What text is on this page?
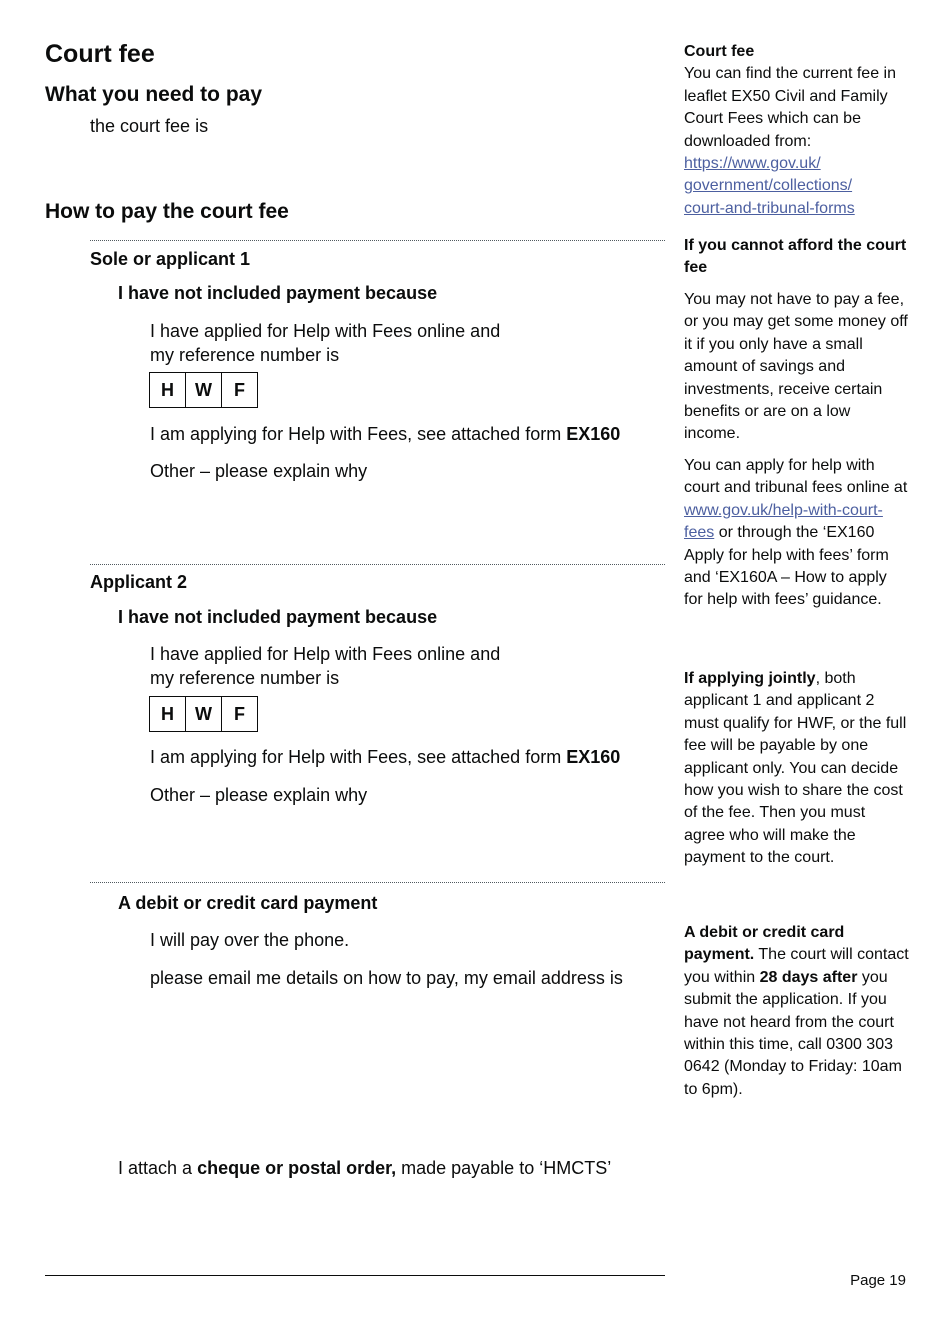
Court fee
What you need to pay
the court fee is
How to pay the court fee
Sole or applicant 1
I have not included payment because
I have applied for Help with Fees online and
my reference number is
H	W	F
I am applying for Help with Fees, see attached form EX160
Other – please explain why
Applicant 2
I have not included payment because
I have applied for Help with Fees online and
my reference number is
H	W	F
I am applying for Help with Fees, see attached form EX160
Other – please explain why
A debit or credit card payment
I will pay over the phone.
please email me details on how to pay, my email address is
I attach a cheque or postal order, made payable to ‘HMCTS’

Court fee

You can find the current fee in leaflet EX50 Civil and Family Court Fees which can be downloaded from: https://www.gov.uk/
government/collections/
court-and-tribunal-forms

If you cannot afford the court fee
You may not have to pay a fee, or you may get some money off it if you only have a small amount of savings and investments, receive certain benefits or are on a low income.
You can apply for help with court and tribunal fees online at www.gov.uk/help-with-court-fees or through the ‘EX160 Apply for help with fees’ form and ‘EX160A – How to apply for help with fees’ guidance.
If applying jointly, both applicant 1 and applicant 2 must qualify for HWF, or the full fee will be payable by one applicant only. You can decide how you wish to share the cost of the fee. Then you must agree who will make the payment to the court.
A debit or credit card payment. The court will contact you within 28 days after you submit the application. If you have not heard from the court within this time, call 0300 303 0642 (Monday to Friday: 10am to 6pm).
Page 19
